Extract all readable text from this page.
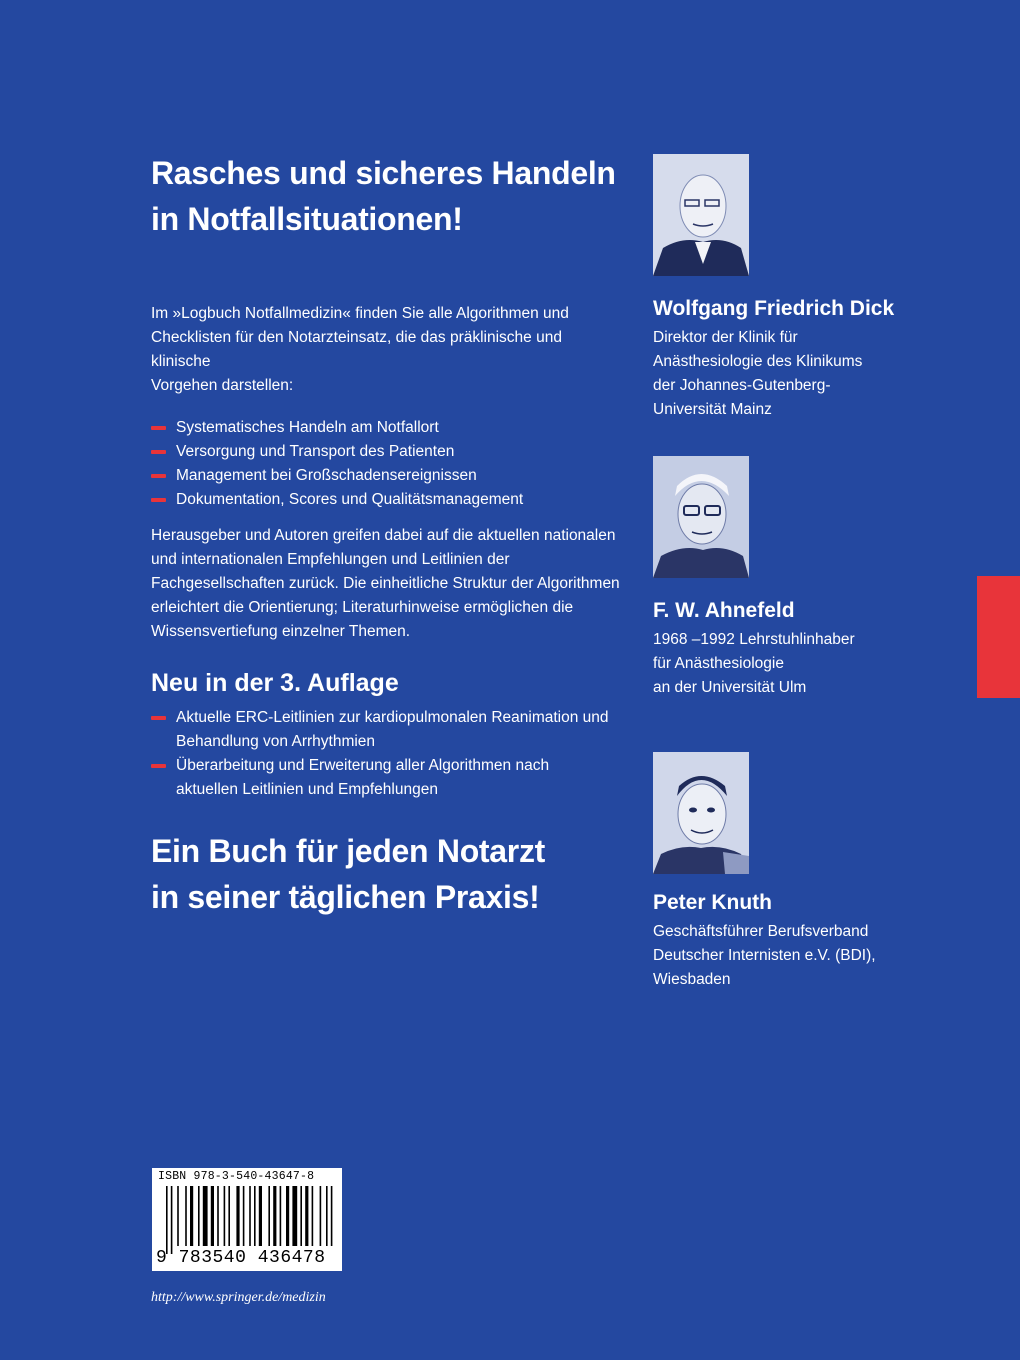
Rasches und sicheres Handeln
in Notfallsituationen!

Im »Logbuch Notfallmedizin« finden Sie alle Algorithmen und
Checklisten für den Notarzteinsatz, die das präklinische und klinische
Vorgehen darstellen:

Systematisches Handeln am Notfallort
Versorgung und Transport des Patienten
Management bei Großschadensereignissen
Dokumentation, Scores und Qualitätsmanagement

Herausgeber und Autoren greifen dabei auf die aktuellen nationalen
und internationalen Empfehlungen und Leitlinien der
Fachgesellschaften zurück. Die einheitliche Struktur der Algorithmen
erleichtert die Orientierung; Literaturhinweise ermöglichen die
Wissensvertiefung einzelner Themen.

Neu in der 3. Auflage
Aktuelle ERC-Leitlinien zur kardiopulmonalen Reanimation und
Behandlung von Arrhythmien
Überarbeitung und Erweiterung aller Algorithmen nach
aktuellen Leitlinien und Empfehlungen
Ein Buch für jeden Notarzt
in seiner täglichen Praxis!

Wolfgang Friedrich Dick

Direktor der Klinik für
Anästhesiologie des Klinikums
der Johannes-Gutenberg-
Universität Mainz

F. W. Ahnefeld

1968 –1992 Lehrstuhlinhaber
für Anästhesiologie
an der Universität Ulm

Peter Knuth

Geschäftsführer Berufsverband
Deutscher Internisten e.V. (BDI),
Wiesbaden

ISBN 978-3-540-43647-8
9 783540 436478
http://www.springer.de/medizin
